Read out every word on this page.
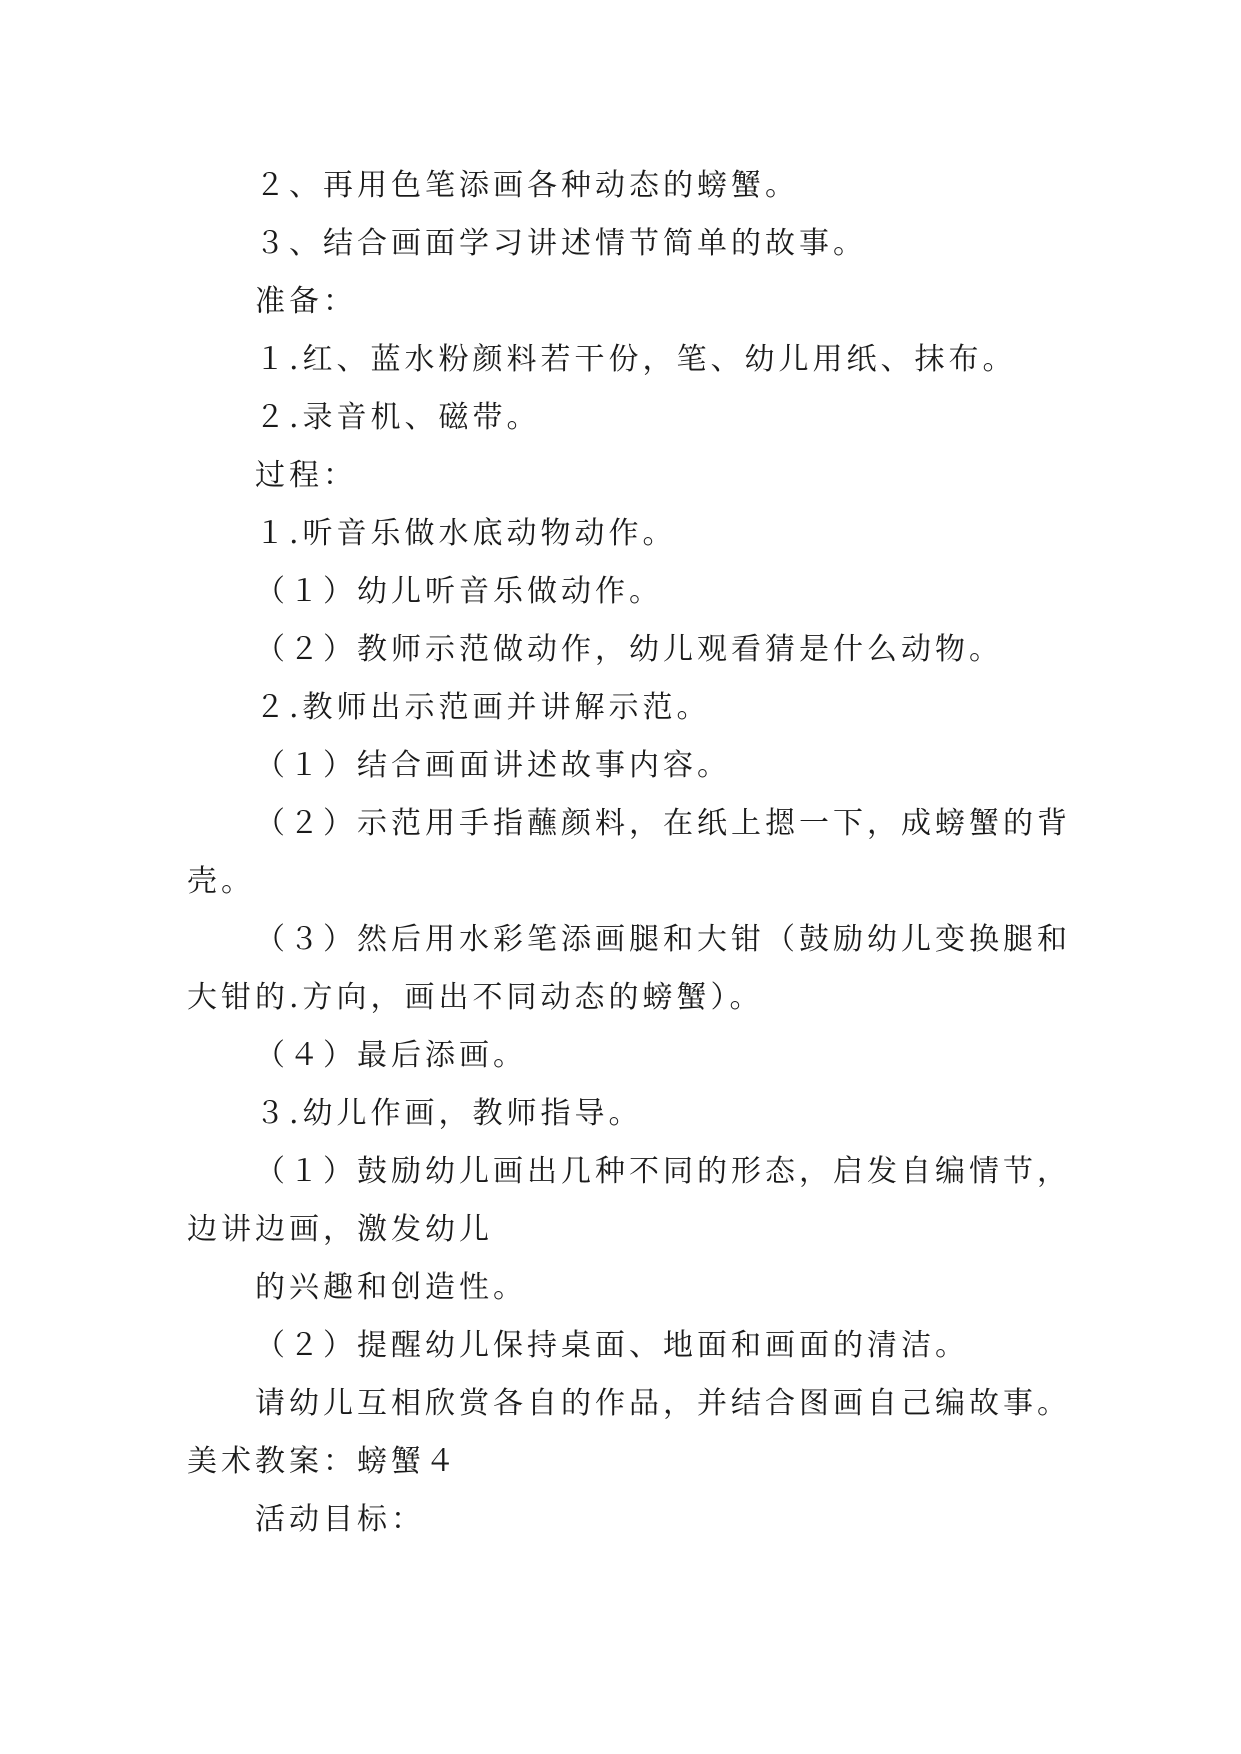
２、再用色笔添画各种动态的螃蟹。
３、结合画面学习讲述情节简单的故事。
准备：
１.红、蓝水粉颜料若干份，笔、幼儿用纸、抹布。
２.录音机、磁带。
过程：
１.听音乐做水底动物动作。
（１）幼儿听音乐做动作。
（２）教师示范做动作，幼儿观看猜是什么动物。
２.教师出示范画并讲解示范。
（１）结合画面讲述故事内容。
（２）示范用手指蘸颜料，在纸上摁一下，成螃蟹的背
壳。
（３）然后用水彩笔添画腿和大钳（鼓励幼儿变换腿和
大钳的.方向，画出不同动态的螃蟹）。
（４）最后添画。
３.幼儿作画，教师指导。
（１）鼓励幼儿画出几种不同的形态，启发自编情节，
边讲边画，激发幼儿
的兴趣和创造性。
（２）提醒幼儿保持桌面、地面和画面的清洁。
请幼儿互相欣赏各自的作品，并结合图画自己编故事。
美术教案：螃蟹４
活动目标：
